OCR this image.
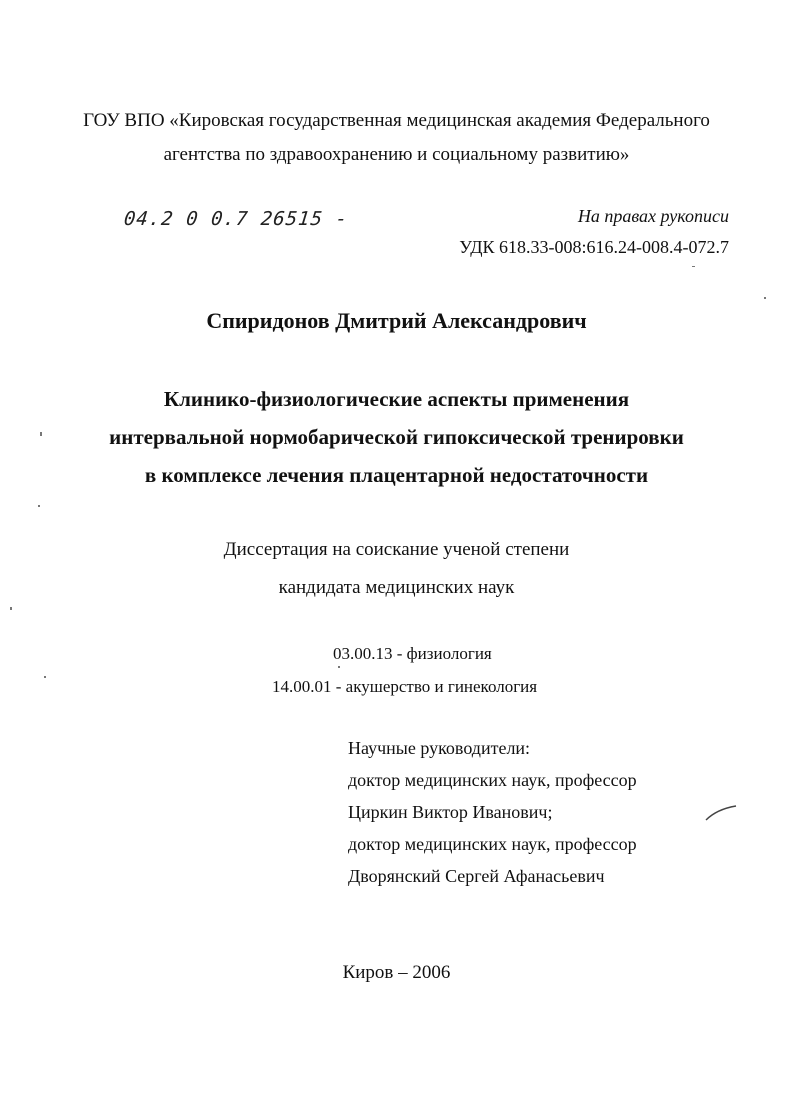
ГОУ ВПО «Кировская государственная медицинская академия Федерального
агентства по здравоохранению и социальному развитию»
04.2 0 0.7 26515 -	На правах рукописи
УДК 618.33-008:616.24-008.4-072.7
Спиридонов Дмитрий Александрович
Клинико-физиологические аспекты применения
интервальной нормобарической гипоксической тренировки
в комплексе лечения плацентарной недостаточности
Диссертация на соискание ученой степени
кандидата медицинских наук
03.00.13 - физиология
14.00.01 - акушерство и гинекология
Научные руководители:
доктор медицинских наук, профессор
Циркин Виктор Иванович;
доктор медицинских наук, профессор
Дворянский Сергей Афанасьевич
Киров – 2006
